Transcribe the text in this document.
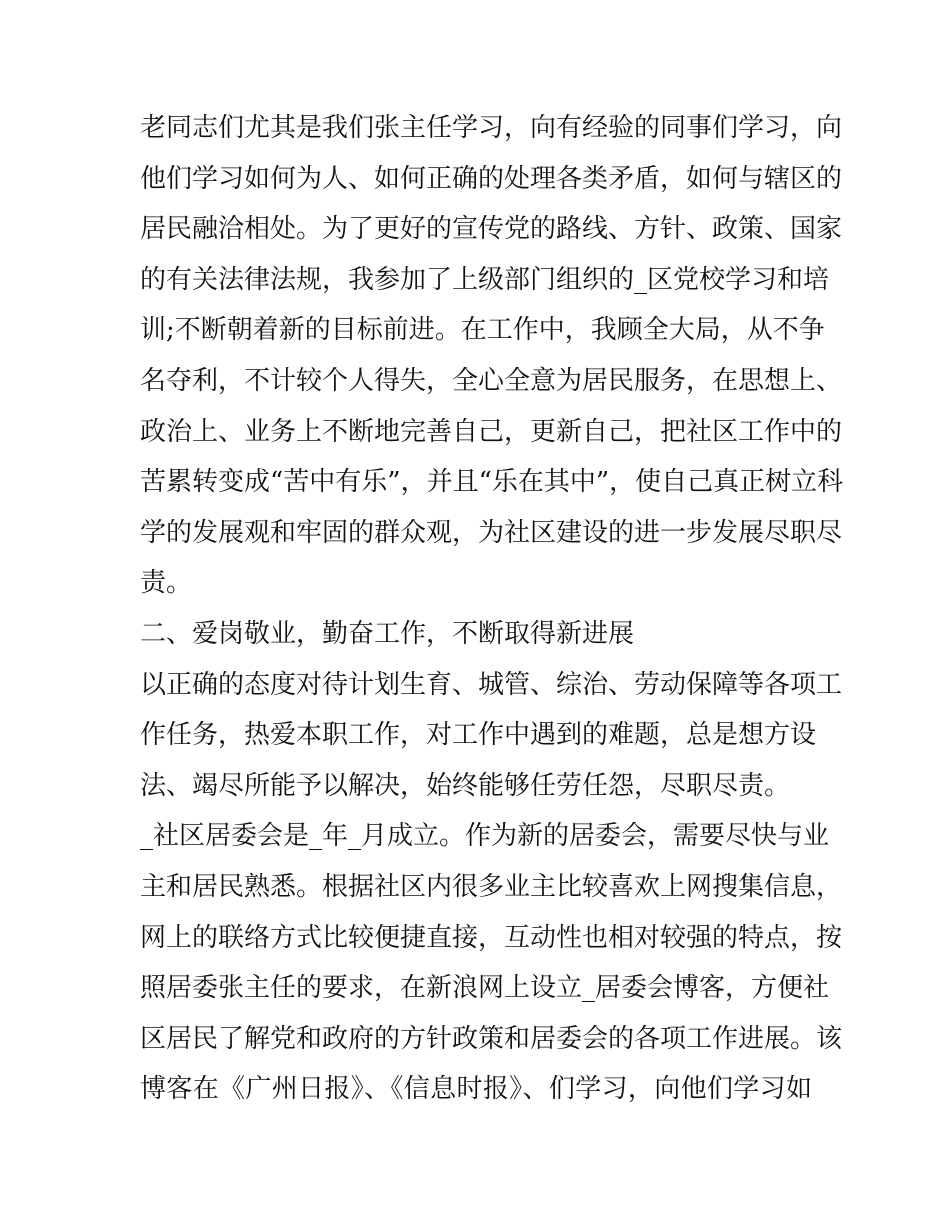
老同志们尤其是我们张主任学习，向有经验的同事们学习，向
他们学习如何为人、如何正确的处理各类矛盾，如何与辖区的
居民融洽相处。为了更好的宣传党的路线、方针、政策、国家
的有关法律法规，我参加了上级部门组织的_区党校学习和培
训;不断朝着新的目标前进。在工作中，我顾全大局，从不争
名夺利，不计较个人得失，全心全意为居民服务，在思想上、
政治上、业务上不断地完善自己，更新自己，把社区工作中的
苦累转变成“苦中有乐”，并且“乐在其中”，使自己真正树立科
学的发展观和牢固的群众观，为社区建设的进一步发展尽职尽
责。
二、爱岗敬业，勤奋工作，不断取得新进展
以正确的态度对待计划生育、城管、综治、劳动保障等各项工
作任务，热爱本职工作，对工作中遇到的难题，总是想方设
法、竭尽所能予以解决，始终能够任劳任怨，尽职尽责。
_社区居委会是_年_月成立。作为新的居委会，需要尽快与业
主和居民熟悉。根据社区内很多业主比较喜欢上网搜集信息，
网上的联络方式比较便捷直接，互动性也相对较强的特点，按
照居委张主任的要求，在新浪网上设立_居委会博客，方便社
区居民了解党和政府的方针政策和居委会的各项工作进展。该
博客在《广州日报》、《信息时报》、们学习，向他们学习如
